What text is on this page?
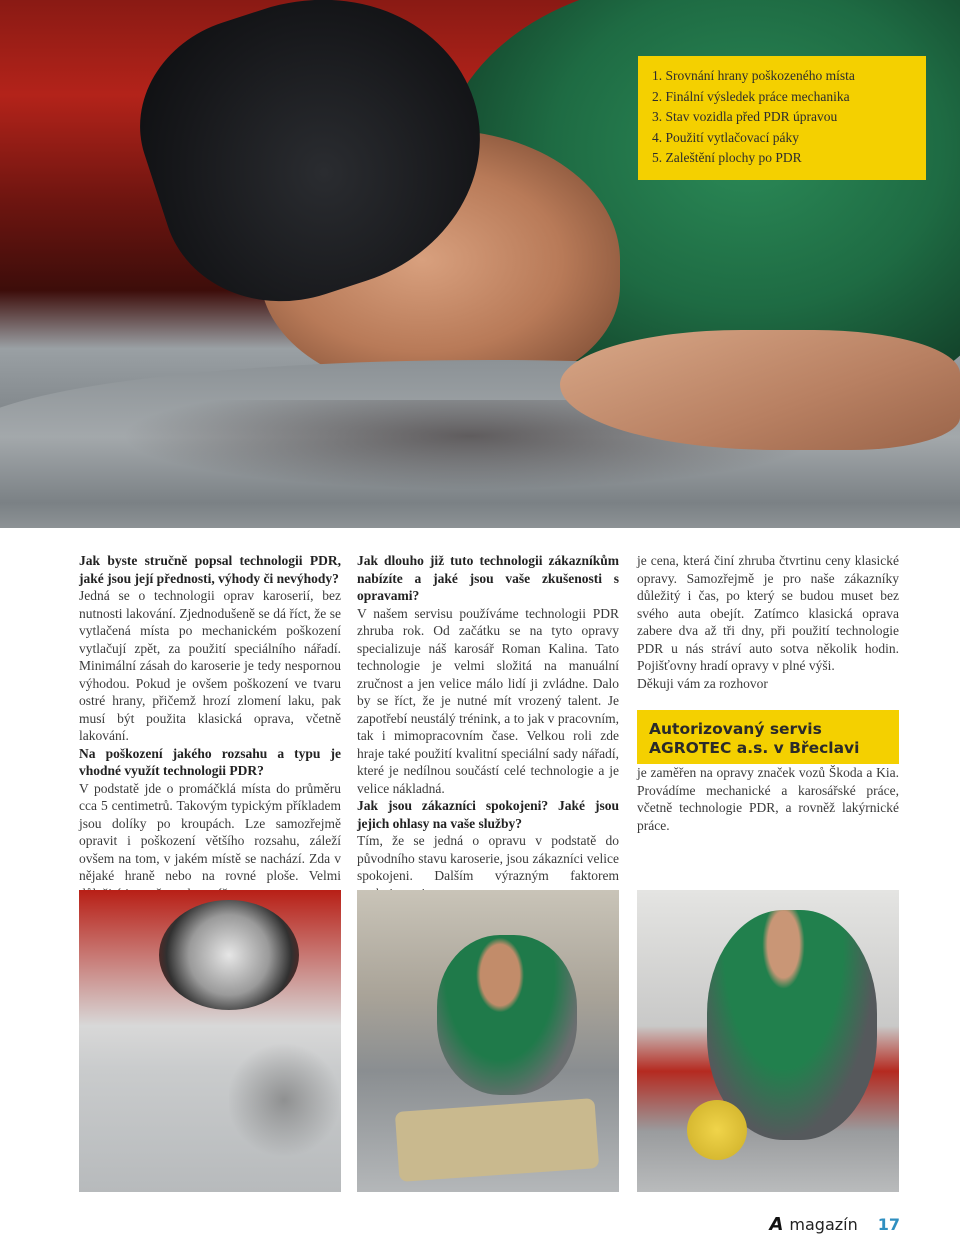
1. Srovnání hrany poškozeného místa
2. Finální výsledek práce mechanika
3. Stav vozidla před PDR úpravou
4. Použití vytlačovací páky
5. Zaleštění plochy po PDR

Jak byste stručně popsal technologii PDR, jaké jsou její přednosti, výhody či nevýhody?

Jedná se o technologii oprav karoserií, bez nutnosti lakování. Zjednodušeně se dá říct, že se vytlačená místa po mechanickém poškození vytlačují zpět, za použití speciálního nářadí. Minimální zásah do karoserie je tedy nespornou výhodou. Pokud je ovšem poškození ve tvaru ostré hrany, přičemž hrozí zlomení laku, pak musí být použita klasická oprava, včetně lakování.

Na poškození jakého rozsahu a typu je vhodné využít technologii PDR?

V podstatě jde o promáčklá místa do průměru cca 5 centimetrů. Takovým typickým příkladem jsou dolíky po kroupách. Lze samozřejmě opravit i poškození většího rozsahu, záleží ovšem na tom, v jakém místě se nachází. Zda v nějaké hraně nebo na rovné ploše. Velmi

Jak dlouho již tuto technologii zákazníkům nabízíte a jaké jsou vaše zkušenosti s opravami?

V našem servisu používáme technologii PDR zhruba rok. Od začátku se na tyto opravy specializuje náš karosář Roman Kalina. Tato technologie je velmi složitá na manuální zručnost a jen velice málo lidí ji zvládne. Dalo by se říct, že je nutné mít vrozený talent. Je zapotřebí neustálý trénink, a to jak v pracovním, tak i mimopracovním čase. Velkou roli zde hraje také použití kvalitní speciální sady nářadí, které je nedílnou součástí celé technologie a je velice nákladná.

Jak jsou zákazníci spokojeni? Jaké jsou jejich ohlasy na vaše služby?

Tím, že se jedná o opravu v podstatě do původního stavu karoserie, jsou zákazníci velice spokojeni. Dalším výrazným faktorem

je cena, která činí zhruba čtvrtinu ceny klasické opravy. Samozřejmě je pro naše zákazníky důležitý i čas, po který se budou muset bez svého auta obejít. Zatímco klasická oprava zabere dva až tři dny, při použití technologie PDR u nás stráví auto sotva několik hodin. Pojišťovny hradí opravy v plné výši.

Děkuji vám za rozhovor

Autorizovaný servis
AGROTEC a.s. v Břeclavi

je zaměřen na opravy značek vozů Škoda a Kia. Provádíme mechanické a karosářské práce, včetně technologie PDR, a rovněž lakýrnické práce.

A magazín 17
